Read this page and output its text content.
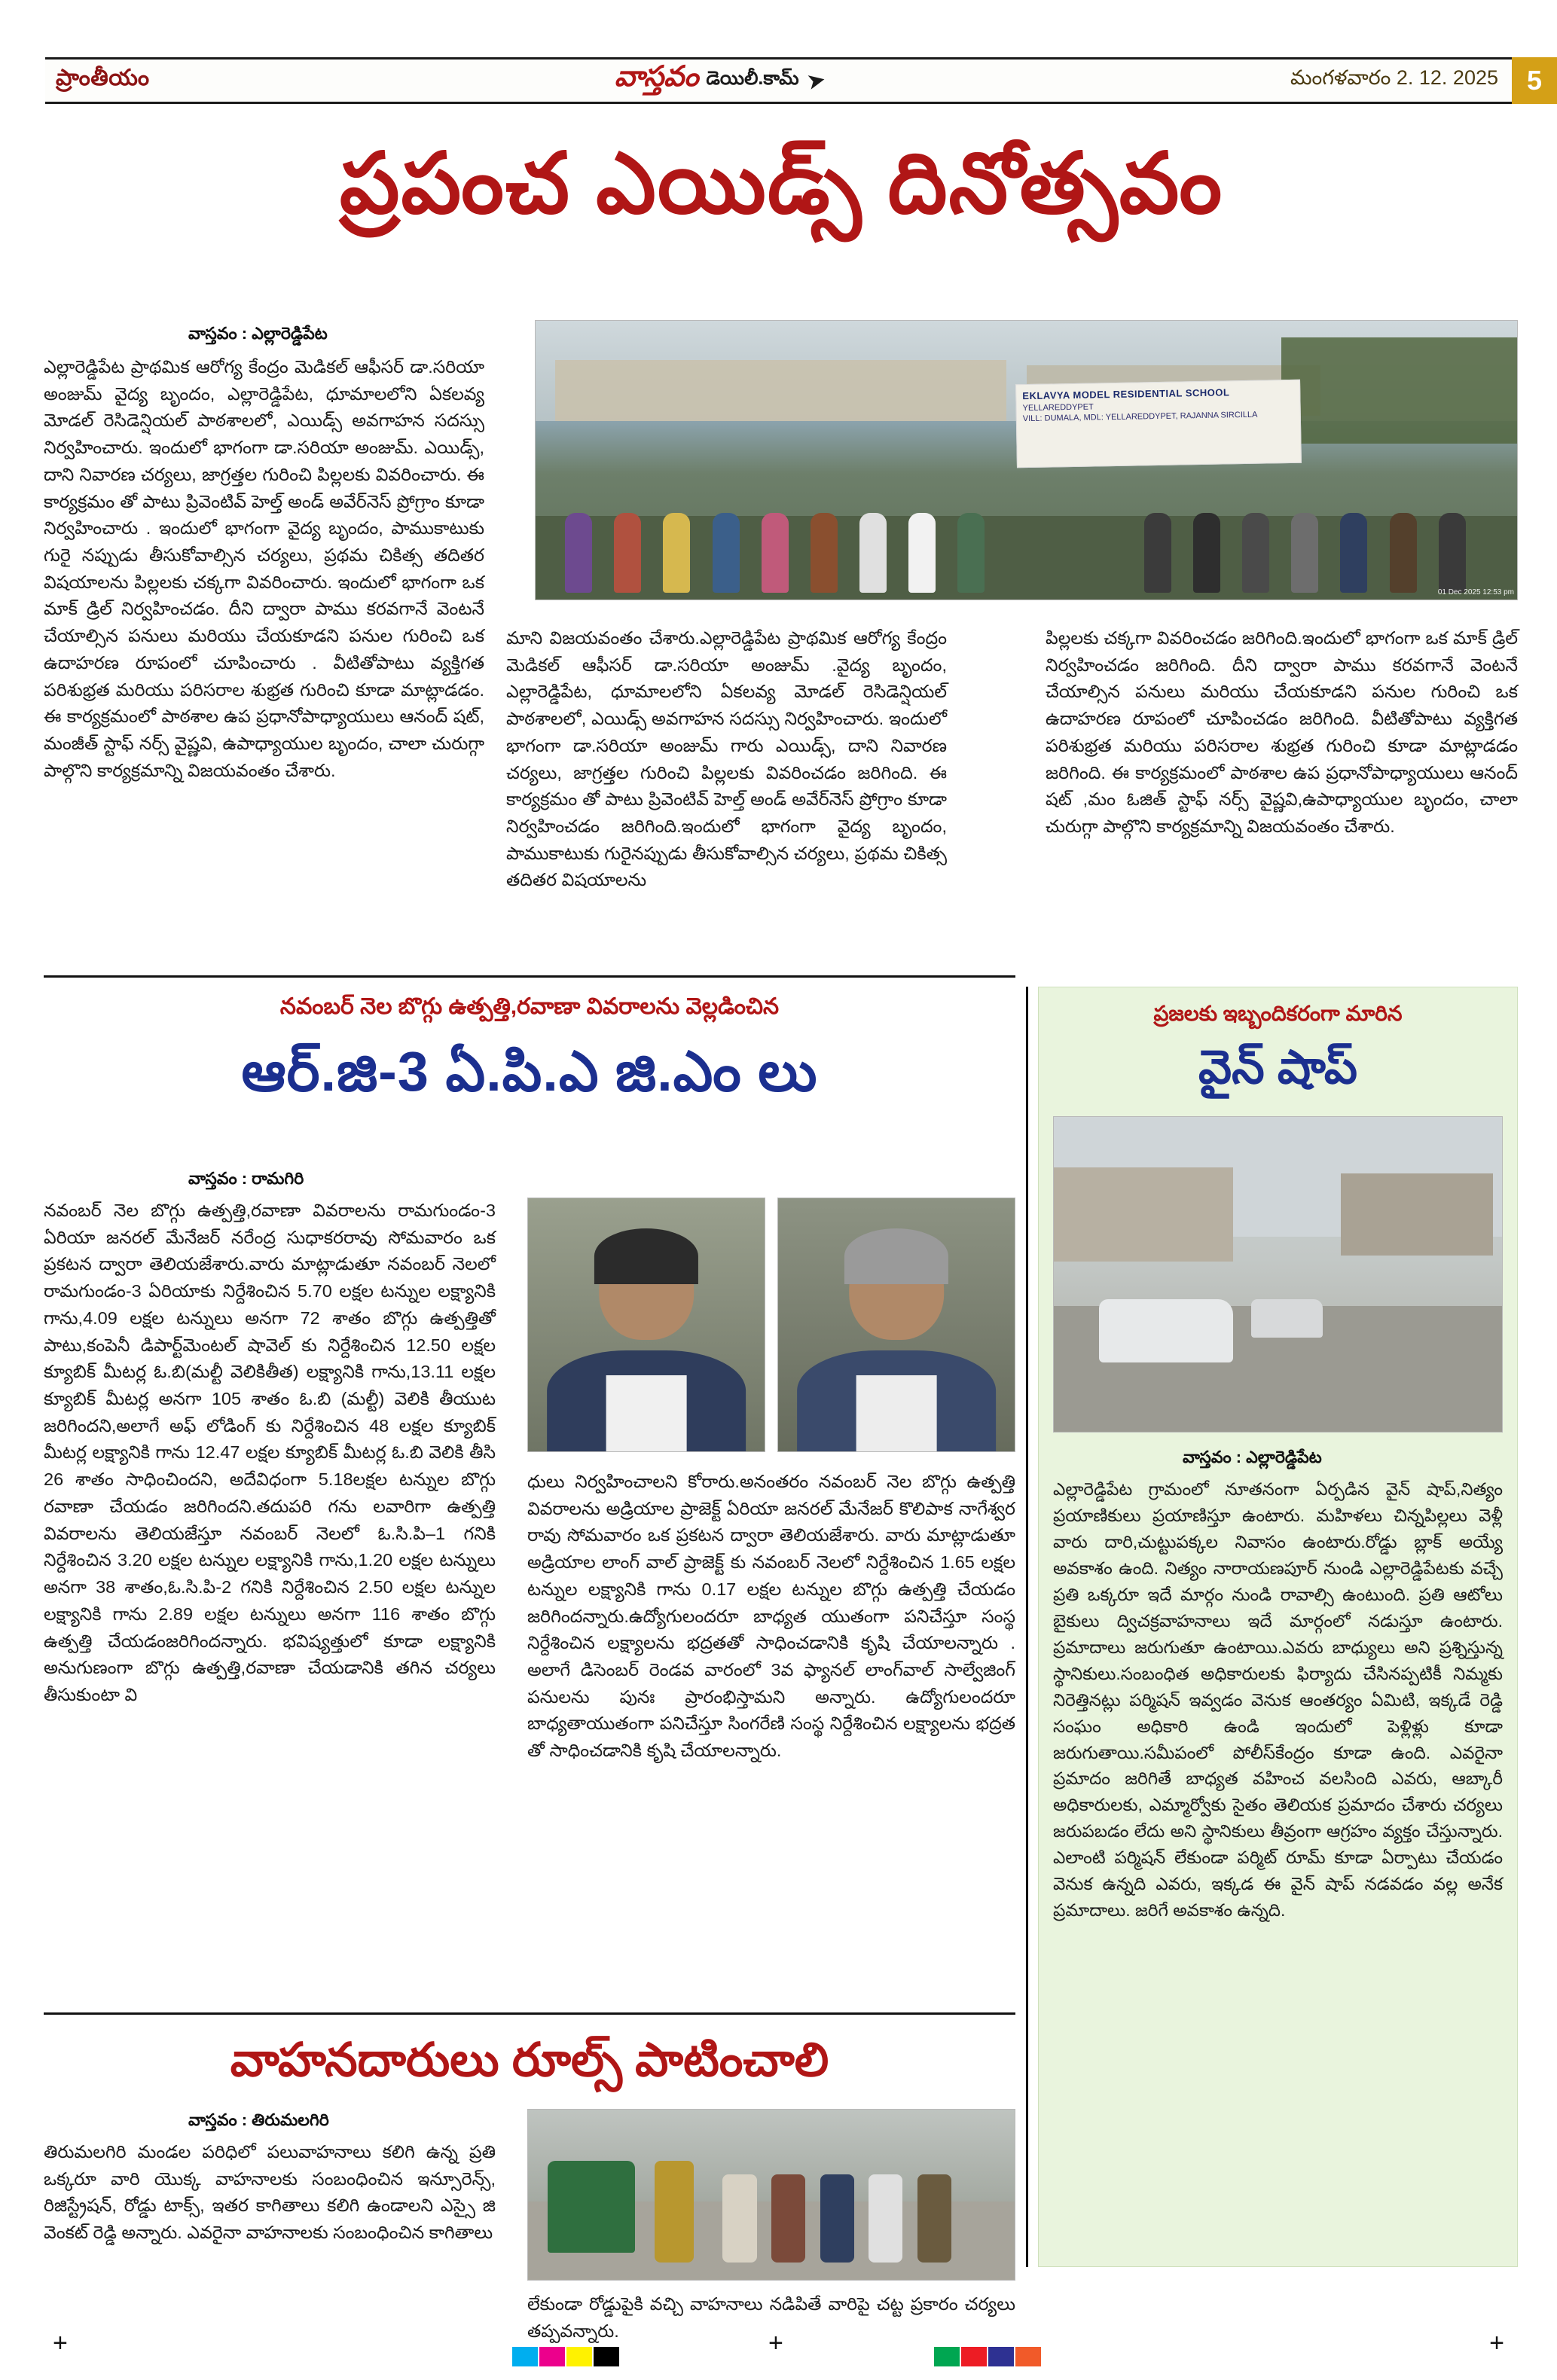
ప్రాంతీయం	వాస్తవం డెయిలీ.కామ్ ➤	మంగళవారం 2. 12. 2025	5
ప్రపంచ ఎయిడ్స్ దినోత్సవం
వాస్తవం : ఎల్లారెడ్డిపేట
ఎల్లారెడ్డిపేట ప్రాథమిక ఆరోగ్య కేంద్రం మెడికల్ ఆఫీసర్ డా.సరియా అంజుమ్ వైద్య బృందం, ఎల్లారెడ్డిపేట, ధూమాలలోని ఏకలవ్య మోడల్ రెసిడెన్షియల్ పాఠశాలలో, ఎయిడ్స్ అవగాహన సదస్సు నిర్వహించారు. ఇందులో భాగంగా డా.సరియా అంజుమ్. ఎయిడ్స్, దాని నివారణ చర్యలు, జాగ్రత్తల గురించి పిల్లలకు వివరించారు. ఈ కార్యక్రమం తో పాటు ప్రివెంటివ్ హెల్త్ అండ్ అవేర్‌నెస్ ప్రోగ్రాం కూడా నిర్వహించారు . ఇందులో భాగంగా వైద్య బృందం, పాముకాటుకు గురై నప్పుడు తీసుకోవాల్సిన చర్యలు, ప్రథమ చికిత్స తదితర విషయాలను పిల్లలకు చక్కగా వివరించారు. ఇందులో భాగంగా ఒక మాక్ డ్రిల్ నిర్వహించడం. దీని ద్వారా పాము కరవగానే వెంటనే చేయాల్సిన పనులు మరియు చేయకూడని పనుల గురించి ఒక ఉదాహరణ రూపంలో చూపించారు . వీటితోపాటు వ్యక్తిగత పరిశుభ్రత మరియు పరిసరాల శుభ్రత గురించి కూడా మాట్లాడడం. ఈ కార్యక్రమంలో పాఠశాల ఉప ప్రధానోపాధ్యాయులు ఆనంద్ షట్, మంజీత్ స్టాఫ్ నర్స్ వైష్ణవి, ఉపాధ్యాయుల బృందం, చాలా చురుగ్గా పాల్గొని కార్యక్రమాన్ని విజయవంతం చేశారు.
EKLAVYA MODEL RESIDENTIAL SCHOOL
YELLAREDDYPET
VILL: DUMALA, MDL: YELLAREDDYPET, RAJANNA SIRCILLA
01 Dec 2025 12:53 pm
మాని విజయవంతం చేశారు.ఎల్లారెడ్డిపేట ప్రాథమిక ఆరోగ్య కేంద్రం మెడికల్ ఆఫీసర్ డా.సరియా అంజుమ్ .వైద్య బృందం, ఎల్లారెడ్డిపేట, ధూమాలలోని ఏకలవ్య మోడల్ రెసిడెన్షియల్ పాఠశాలలో, ఎయిడ్స్ అవగాహన సదస్సు నిర్వహించారు. ఇందులో భాగంగా డా.సరియా అంజుమ్ గారు ఎయిడ్స్, దాని నివారణ చర్యలు, జాగ్రత్తల గురించి పిల్లలకు వివరించడం జరిగింది. ఈ కార్యక్రమం తో పాటు ప్రివెంటివ్ హెల్త్ అండ్ అవేర్‌నెస్ ప్రోగ్రాం కూడా నిర్వహించడం జరిగింది.ఇందులో భాగంగా వైద్య బృందం, పాముకాటుకు గురైనప్పుడు తీసుకోవాల్సిన చర్యలు, ప్రథమ చికిత్స తదితర విషయాలను
పిల్లలకు చక్కగా వివరించడం జరిగింది.ఇందులో భాగంగా ఒక మాక్ డ్రిల్ నిర్వహించడం జరిగింది. దీని ద్వారా పాము కరవగానే వెంటనే చేయాల్సిన పనులు మరియు చేయకూడని పనుల గురించి ఒక ఉదాహరణ రూపంలో చూపించడం జరిగింది. వీటితోపాటు వ్యక్తిగత పరిశుభ్రత మరియు పరిసరాల శుభ్రత గురించి కూడా మాట్లాడడం జరిగింది. ఈ కార్యక్రమంలో పాఠశాల ఉప ప్రధానోపాధ్యాయులు ఆనంద్ షట్ ,మం ఓజిత్ స్టాఫ్ నర్స్ వైష్ణవి,ఉపాధ్యాయుల బృందం, చాలా చురుగ్గా పాల్గొని కార్యక్రమాన్ని విజయవంతం చేశారు.
నవంబర్ నెల బొగ్గు ఉత్పత్తి,రవాణా వివరాలను వెల్లడించిన
ఆర్.జి-3 ఏ.పి.ఎ జి.ఎం లు
వాస్తవం : రామగిరి
నవంబర్ నెల బొగ్గు ఉత్పత్తి,రవాణా వివరాలను రామగుండం-3 ఏరియా జనరల్ మేనేజర్ నరేంద్ర సుధాకరరావు సోమవారం ఒక ప్రకటన ద్వారా తెలియజేశారు.వారు మాట్లాడుతూ నవంబర్ నెలలో రామగుండం-3 ఏరియాకు నిర్దేశించిన 5.70 లక్షల టన్నుల లక్ష్యానికి గాను,4.09 లక్షల టన్నులు అనగా 72 శాతం బొగ్గు ఉత్పత్తితో పాటు,కంపెనీ డిపార్ట్‌మెంటల్ షావెల్ కు నిర్దేశించిన 12.50 లక్షల క్యూబిక్ మీటర్ల ఓ.బి(మల్టీ వెలికితీత) లక్ష్యానికి గాను,13.11 లక్షల క్యూబిక్ మీటర్ల అనగా 105 శాతం ఓ.బి (మల్టీ) వెలికి తీయుట జరిగిందని,అలాగే అఫ్ లోడింగ్ కు నిర్దేశించిన 48 లక్షల క్యూబిక్ మీటర్ల లక్ష్యానికి గాను 12.47 లక్షల క్యూబిక్ మీటర్ల ఓ.బి వెలికి తీసి 26 శాతం సాధించిందని, అదేవిధంగా 5.18లక్షల టన్నుల బొగ్గు రవాణా చేయడం జరిగిందని.తదుపరి గను లవారిగా ఉత్పత్తి వివరాలను తెలియజేస్తూ నవంబర్ నెలలో ఓ.సి.పి–1 గనికి నిర్దేశించిన 3.20 లక్షల టన్నుల లక్ష్యానికి గాను,1.20 లక్షల టన్నులు అనగా 38 శాతం,ఓ.సి.పి-2 గనికి నిర్దేశించిన 2.50 లక్షల టన్నుల లక్ష్యానికి గాను 2.89 లక్షల టన్నులు అనగా 116 శాతం బొగ్గు ఉత్పత్తి చేయడంజరిగిందన్నారు. భవిష్యత్తులో కూడా లక్ష్యానికి అనుగుణంగా బొగ్గు ఉత్పత్తి,రవాణా చేయడానికి తగిన చర్యలు తీసుకుంటా వి
ధులు నిర్వహించాలని కోరారు.అనంతరం నవంబర్ నెల బొగ్గు ఉత్పత్తి వివరాలను అడ్రియాల ప్రాజెక్ట్ ఏరియా జనరల్ మేనేజర్ కొలిపాక నాగేశ్వర రావు సోమవారం ఒక ప్రకటన ద్వారా తెలియజేశారు. వారు మాట్లాడుతూ అడ్రియాల లాంగ్ వాల్ ప్రాజెక్ట్ కు నవంబర్ నెలలో నిర్దేశించిన 1.65 లక్షల టన్నుల లక్ష్యానికి గాను 0.17 లక్షల టన్నుల బొగ్గు ఉత్పత్తి చేయడం జరిగిందన్నారు.ఉద్యోగులందరూ బాధ్యత యుతంగా పనిచేస్తూ సంస్థ నిర్దేశించిన లక్ష్యాలను భద్రతతో సాధించడానికి కృషి చేయాలన్నారు . అలాగే డిసెంబర్ రెండవ వారంలో 3వ ఫ్యానల్ లాంగ్‌వాల్ సాల్వేజింగ్ పనులను పునః ప్రారంభిస్తామని అన్నారు. ఉద్యోగులందరూ బాధ్యతాయుతంగా పనిచేస్తూ సింగరేణి సంస్థ నిర్దేశించిన లక్ష్యాలను భద్రత తో సాధించడానికి కృషి చేయాలన్నారు.
ప్రజలకు ఇబ్బందికరంగా మారిన
వైన్ షాప్
వాస్తవం : ఎల్లారెడ్డిపేట
ఎల్లారెడ్డిపేట గ్రామంలో నూతనంగా ఏర్పడిన వైన్ షాప్,నిత్యం ప్రయాణికులు ప్రయాణిస్తూ ఉంటారు. మహిళలు చిన్నపిల్లలు వెళ్లీ వారు దారి,చుట్టుపక్కల నివాసం ఉంటారు.రోడ్డు బ్లాక్ అయ్యే అవకాశం ఉంది. నిత్యం నారాయణపూర్ నుండి ఎల్లారెడ్డిపేటకు వచ్చే ప్రతి ఒక్కరూ ఇదే మార్గం నుండి రావాల్సి ఉంటుంది. ప్రతి ఆటోలు బైకులు ద్విచక్రవాహనాలు ఇదే మార్గంలో నడుస్తూ ఉంటారు. ప్రమాదాలు జరుగుతూ ఉంటాయి.ఎవరు బాధ్యులు అని ప్రశ్నిస్తున్న స్థానికులు.సంబంధిత అధికారులకు ఫిర్యాదు చేసినప్పటికీ నిమ్మకు నిరెత్తినట్లు పర్మిషన్ ఇవ్వడం వెనుక ఆంతర్యం ఏమిటి, ఇక్కడే రెడ్డి సంఘం అధికారి ఉండి ఇందులో పెళ్లిళ్లు కూడా జరుగుతాయి.సమీపంలో పోలీస్‌కేంద్రం కూడా ఉంది. ఎవరైనా ప్రమాదం జరిగితే బాధ్యత వహించ వలసింది ఎవరు, ఆబ్కారీ అధికారులకు, ఎమ్మార్వోకు సైతం తెలియక ప్రమాదం చేశారు చర్యలు జరుపబడం లేదు అని స్థానికులు తీవ్రంగా ఆగ్రహం వ్యక్తం చేస్తున్నారు. ఎలాంటి పర్మిషన్ లేకుండా పర్మిట్ రూమ్ కూడా ఏర్పాటు చేయడం వెనుక ఉన్నది ఎవరు, ఇక్కడ ఈ వైన్ షాప్ నడవడం వల్ల అనేక ప్రమాదాలు. జరిగే అవకాశం ఉన్నది.
వాహనదారులు రూల్స్ పాటించాలి
వాస్తవం : తిరుమలగిరి
తిరుమలగిరి మండల పరిధిలో పలువాహనాలు కలిగి ఉన్న ప్రతి ఒక్కరూ వారి యొక్క వాహనాలకు సంబంధించిన ఇన్సూరెన్స్, రిజిస్ట్రేషన్, రోడ్డు టాక్స్, ఇతర కాగితాలు కలిగి ఉండాలని ఎస్సై జి వెంకట్ రెడ్డి అన్నారు. ఎవరైనా వాహనాలకు సంబంధించిన కాగితాలు
లేకుండా రోడ్డుపైకి వచ్చి వాహనాలు నడిపితే వారిపై చట్ట ప్రకారం చర్యలు తప్పవన్నారు.
+	+	+
